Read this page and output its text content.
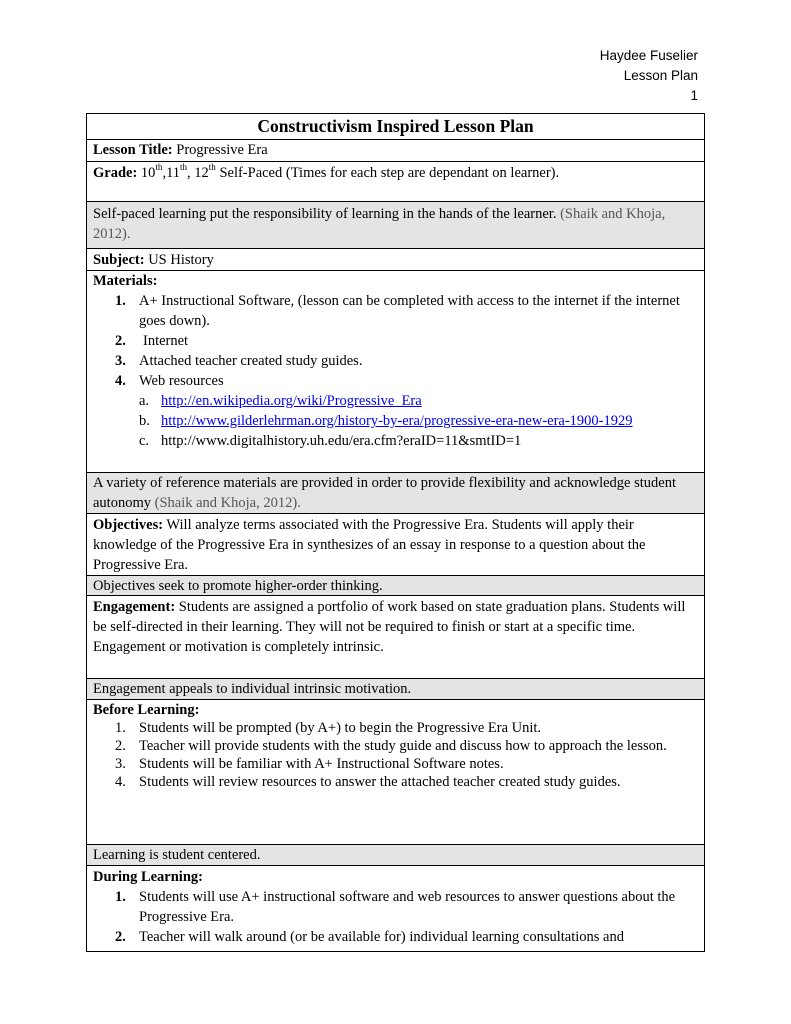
Haydee Fuselier
Lesson Plan
1
Constructivism Inspired Lesson Plan
Lesson Title: Progressive Era
Grade: 10th,11th, 12th Self-Paced (Times for each step are dependant on learner).
Self-paced learning put the responsibility of learning in the hands of the learner. (Shaik and Khoja, 2012).
Subject: US History
Materials:
1. A+ Instructional Software, (lesson can be completed with access to the internet if the internet goes down).
2. Internet
3. Attached teacher created study guides.
4. Web resources
a. http://en.wikipedia.org/wiki/Progressive_Era
b. http://www.gilderlehrman.org/history-by-era/progressive-era-new-era-1900-1929
c. http://www.digitalhistory.uh.edu/era.cfm?eraID=11&smtID=1
A variety of reference materials are provided in order to provide flexibility and acknowledge student autonomy (Shaik and Khoja, 2012).
Objectives: Will analyze terms associated with the Progressive Era. Students will apply their knowledge of the Progressive Era in synthesizes of an essay in response to a question about the Progressive Era.
Objectives seek to promote higher-order thinking.
Engagement: Students are assigned a portfolio of work based on state graduation plans. Students will be self-directed in their learning. They will not be required to finish or start at a specific time. Engagement or motivation is completely intrinsic.
Engagement appeals to individual intrinsic motivation.
Before Learning:
1. Students will be prompted (by A+) to begin the Progressive Era Unit.
2. Teacher will provide students with the study guide and discuss how to approach the lesson.
3. Students will be familiar with A+ Instructional Software notes.
4. Students will review resources to answer the attached teacher created study guides.
Learning is student centered.
During Learning:
1. Students will use A+ instructional software and web resources to answer questions about the Progressive Era.
2. Teacher will walk around (or be available for) individual learning consultations and
